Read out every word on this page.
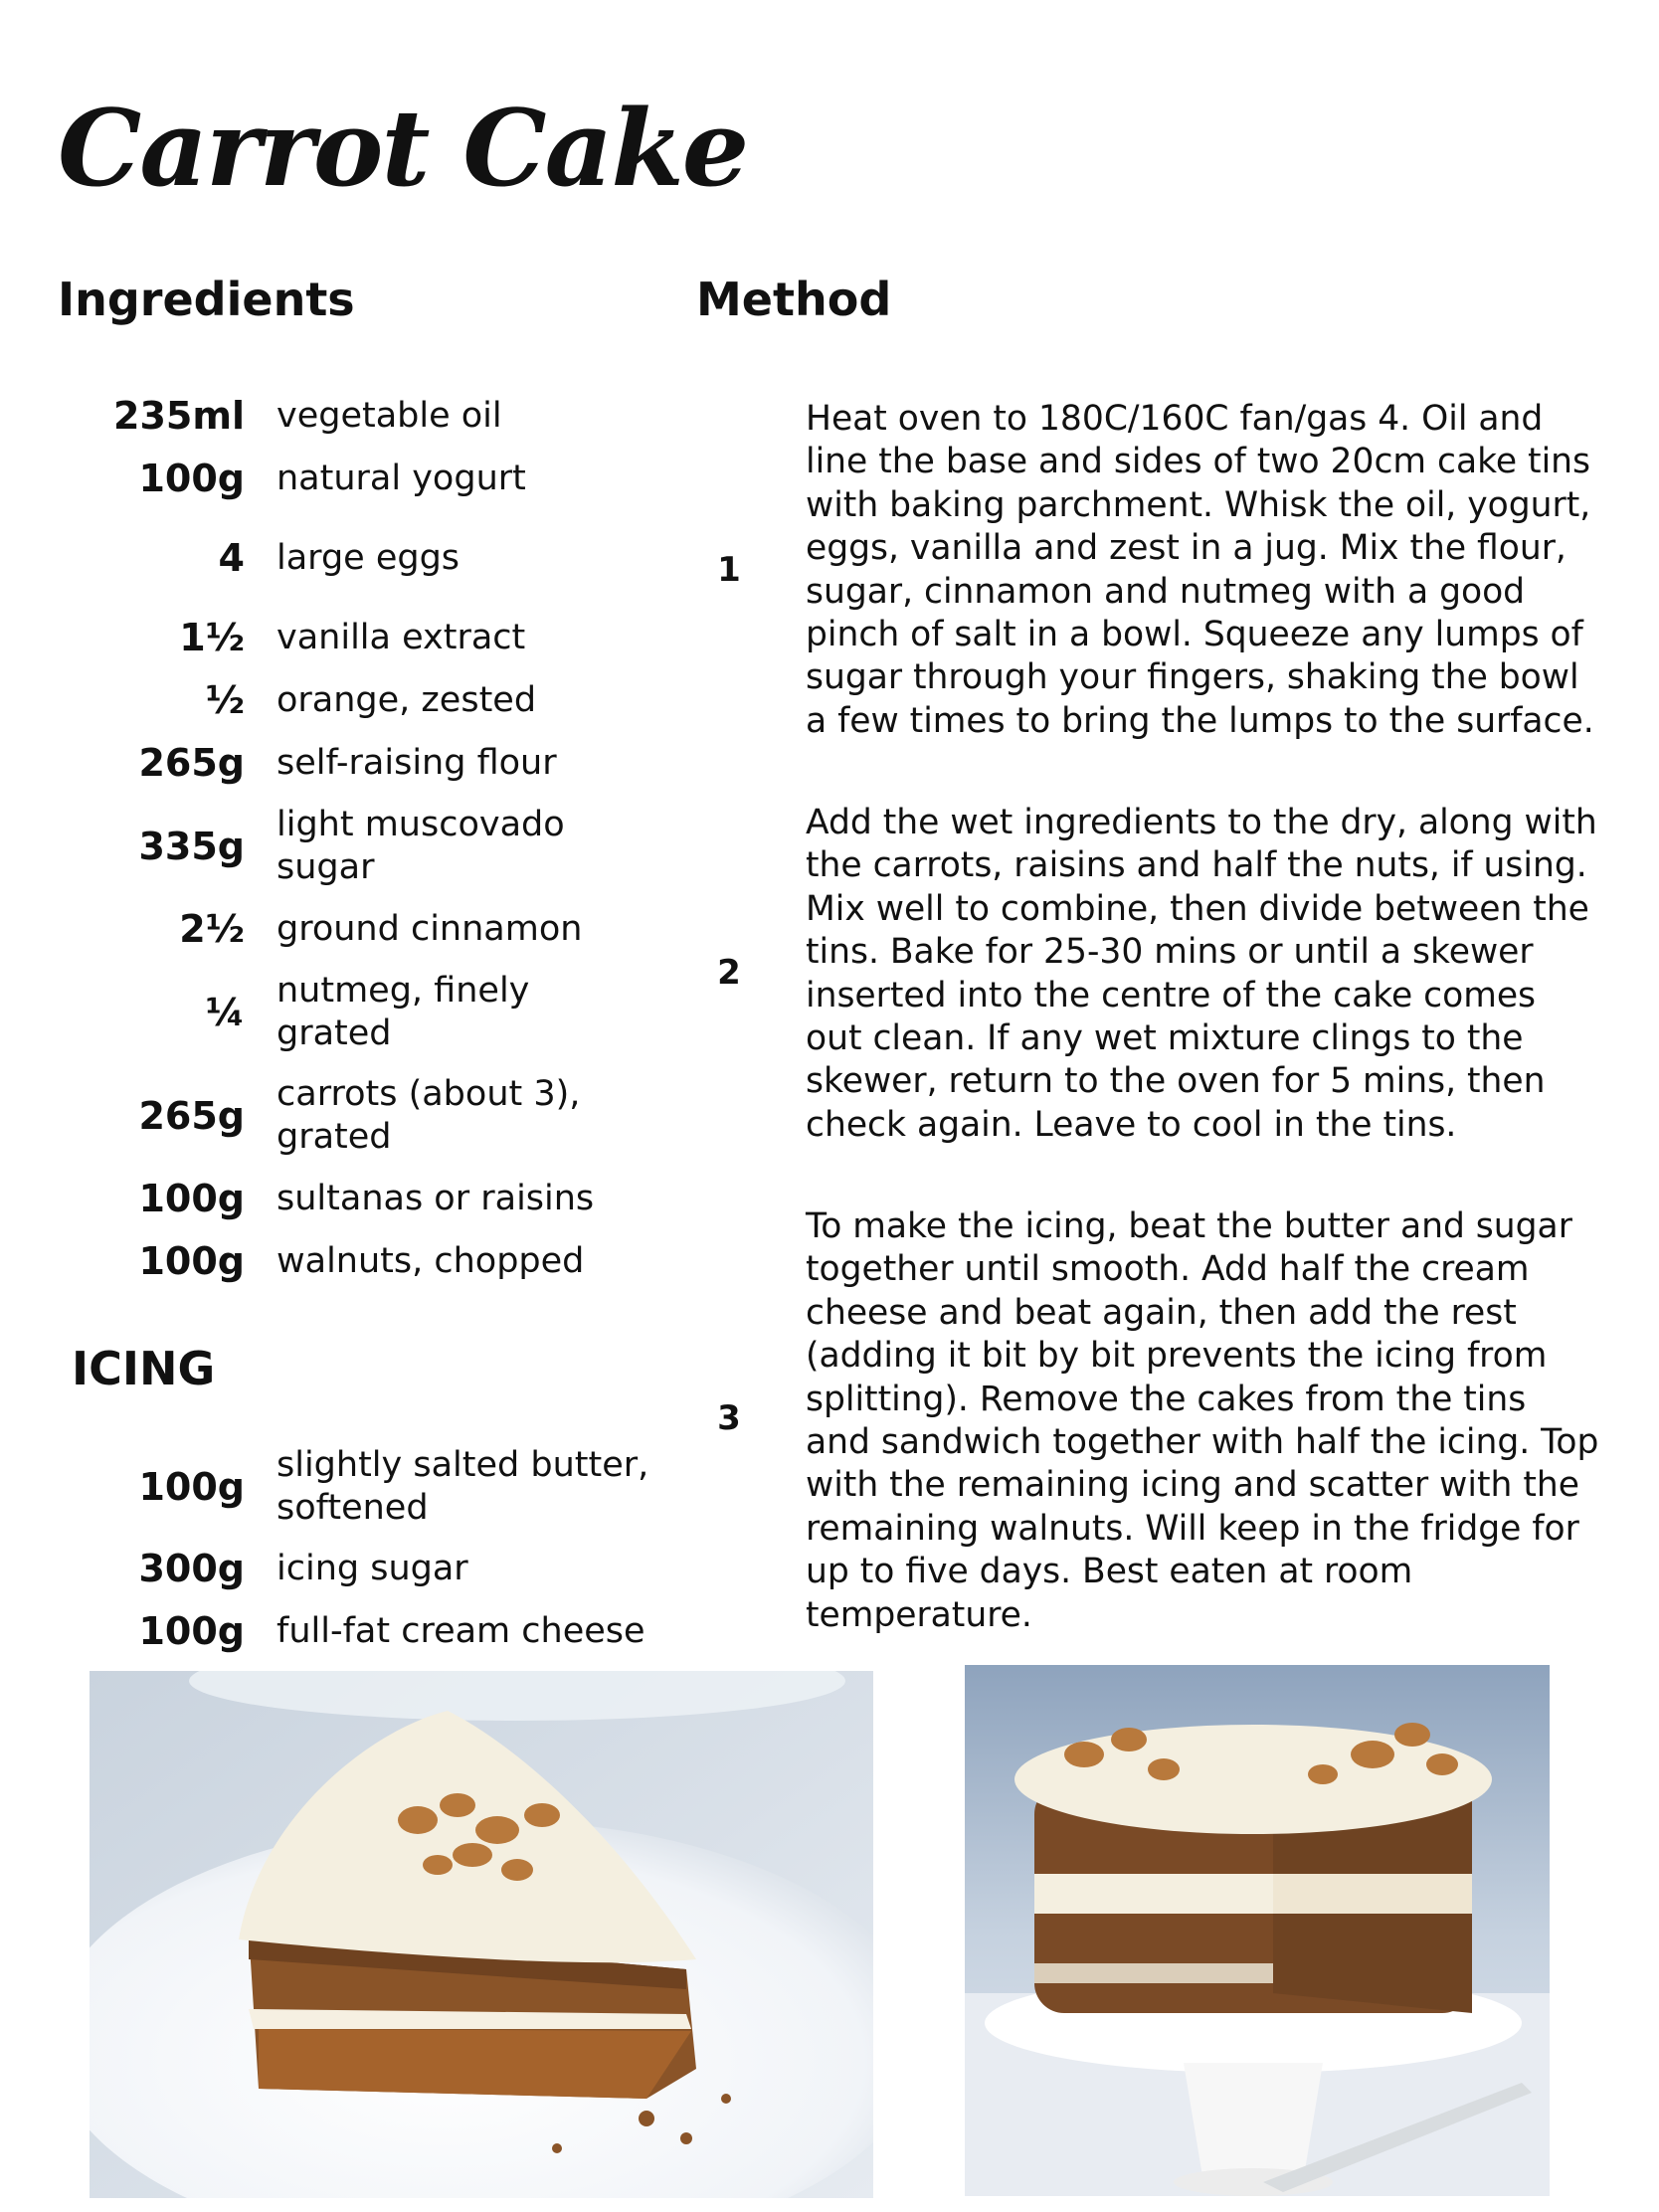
Carrot Cake
Ingredients	Method
235ml vegetable oil
100g natural yogurt
4 large eggs
1½ vanilla extract
½ orange, zested
265g self-raising flour
335g light muscovado sugar
2½ ground cinnamon
¼ nutmeg, finely grated
265g carrots (about 3), grated
100g sultanas or raisins
100g walnuts, chopped
ICING
100g slightly salted butter, softened
300g icing sugar
100g full-fat cream cheese
1
Heat oven to 180C/160C fan/gas 4. Oil and line the base and sides of two 20cm cake tins with baking parchment. Whisk the oil, yogurt, eggs, vanilla and zest in a jug. Mix the flour, sugar, cinnamon and nutmeg with a good pinch of salt in a bowl. Squeeze any lumps of sugar through your fingers, shaking the bowl a few times to bring the lumps to the surface.
2
Add the wet ingredients to the dry, along with the carrots, raisins and half the nuts, if using. Mix well to combine, then divide between the tins. Bake for 25-30 mins or until a skewer inserted into the centre of the cake comes out clean. If any wet mixture clings to the skewer, return to the oven for 5 mins, then check again. Leave to cool in the tins.
3
To make the icing, beat the butter and sugar together until smooth. Add half the cream cheese and beat again, then add the rest (adding it bit by bit prevents the icing from splitting). Remove the cakes from the tins and sandwich together with half the icing. Top with the remaining icing and scatter with the remaining walnuts. Will keep in the fridge for up to five days. Best eaten at room temperature.
